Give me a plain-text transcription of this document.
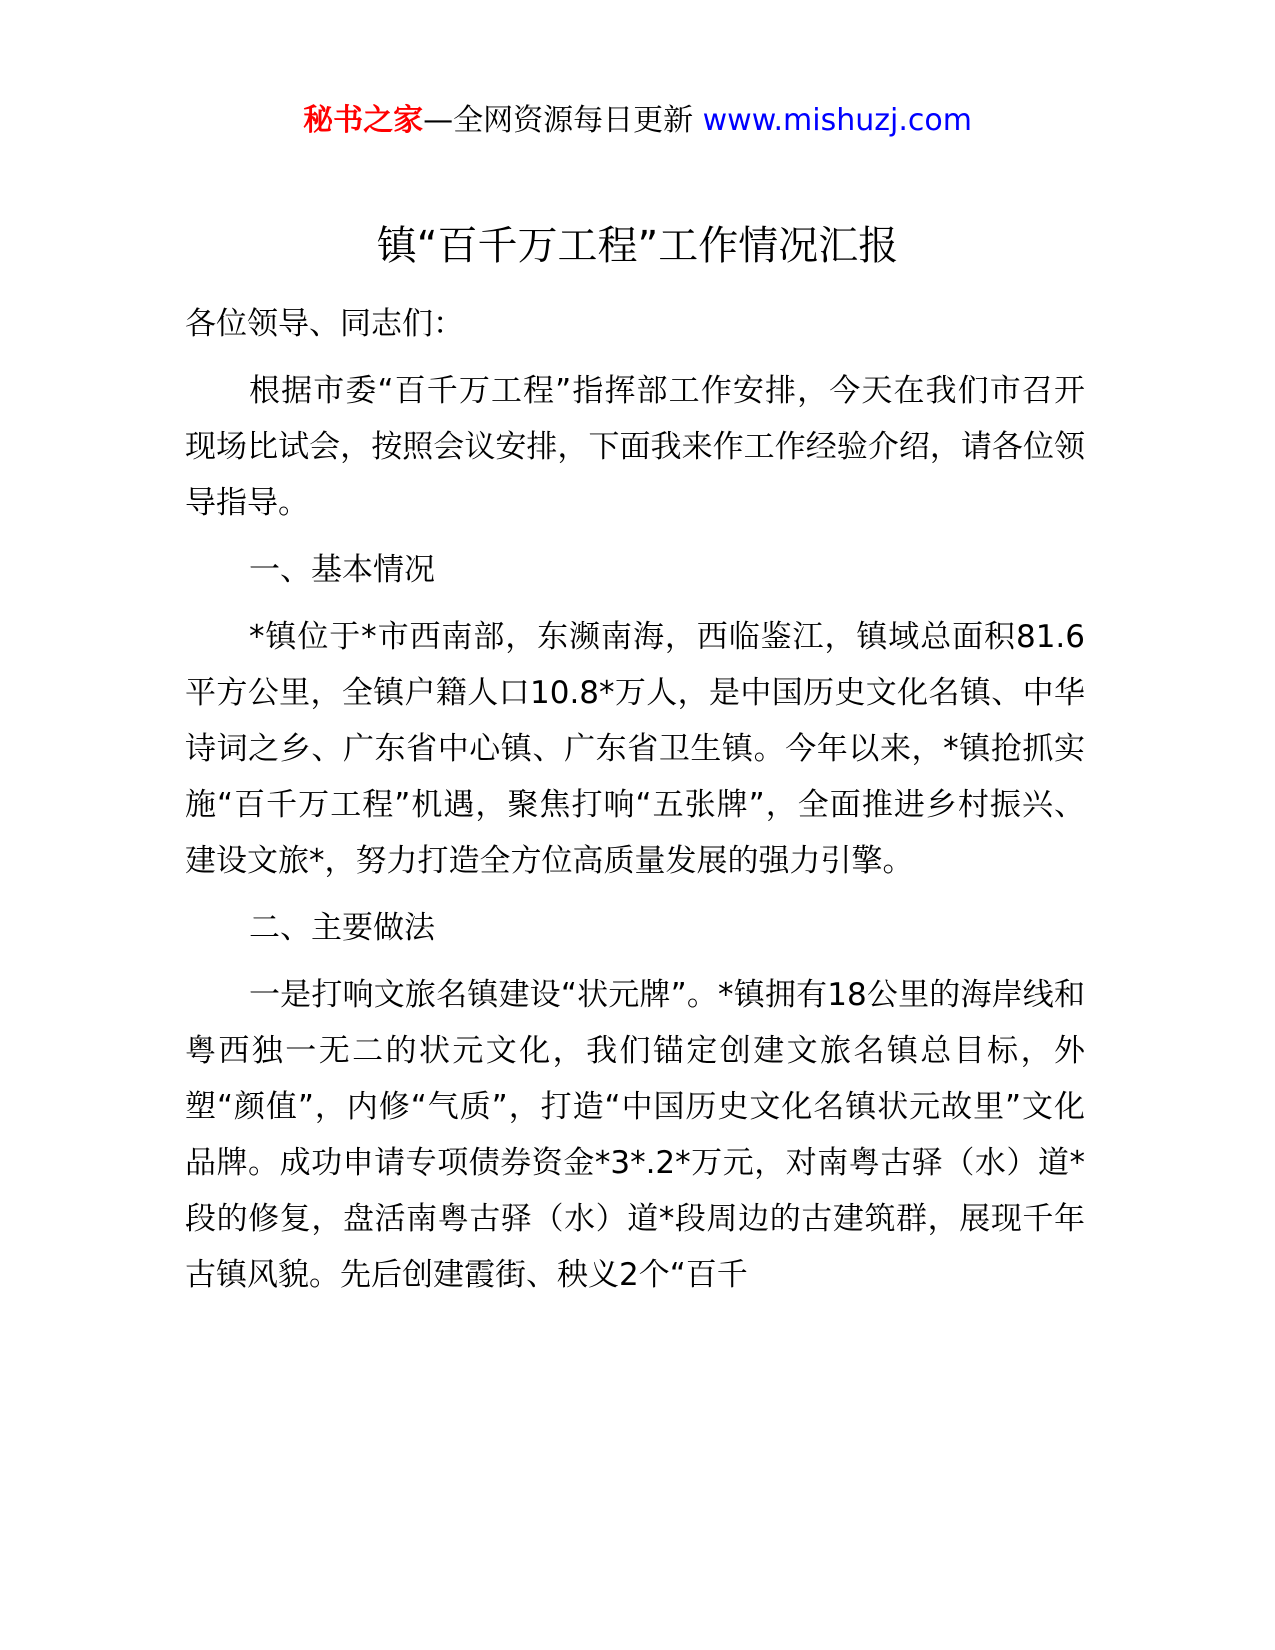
秘书之家—全网资源每日更新 www.mishuzj.com
镇“百千万工程”工作情况汇报

各位领导、同志们：

根据市委“百千万工程”指挥部工作安排，今天在我们市召开现场比试会，按照会议安排，下面我来作工作经验介绍，请各位领导指导。

一、基本情况

*镇位于*市西南部，东濒南海，西临鉴江，镇域总面积81.6平方公里，全镇户籍人口10.8*万人，是中国历史文化名镇、中华诗词之乡、广东省中心镇、广东省卫生镇。今年以来，*镇抢抓实施“百千万工程”机遇，聚焦打响“五张牌”，全面推进乡村振兴、建设文旅*，努力打造全方位高质量发展的强力引擎。

二、主要做法

一是打响文旅名镇建设“状元牌”。*镇拥有18公里的海岸线和粤西独一无二的状元文化，我们锚定创建文旅名镇总目标，外塑“颜值”，内修“气质”，打造“中国历史文化名镇状元故里”文化品牌。成功申请专项债券资金*3*.2*万元，对南粤古驿（水）道*段的修复，盘活南粤古驿（水）道*段周边的古建筑群，展现千年古镇风貌。先后创建霞街、秧义2个“百千
